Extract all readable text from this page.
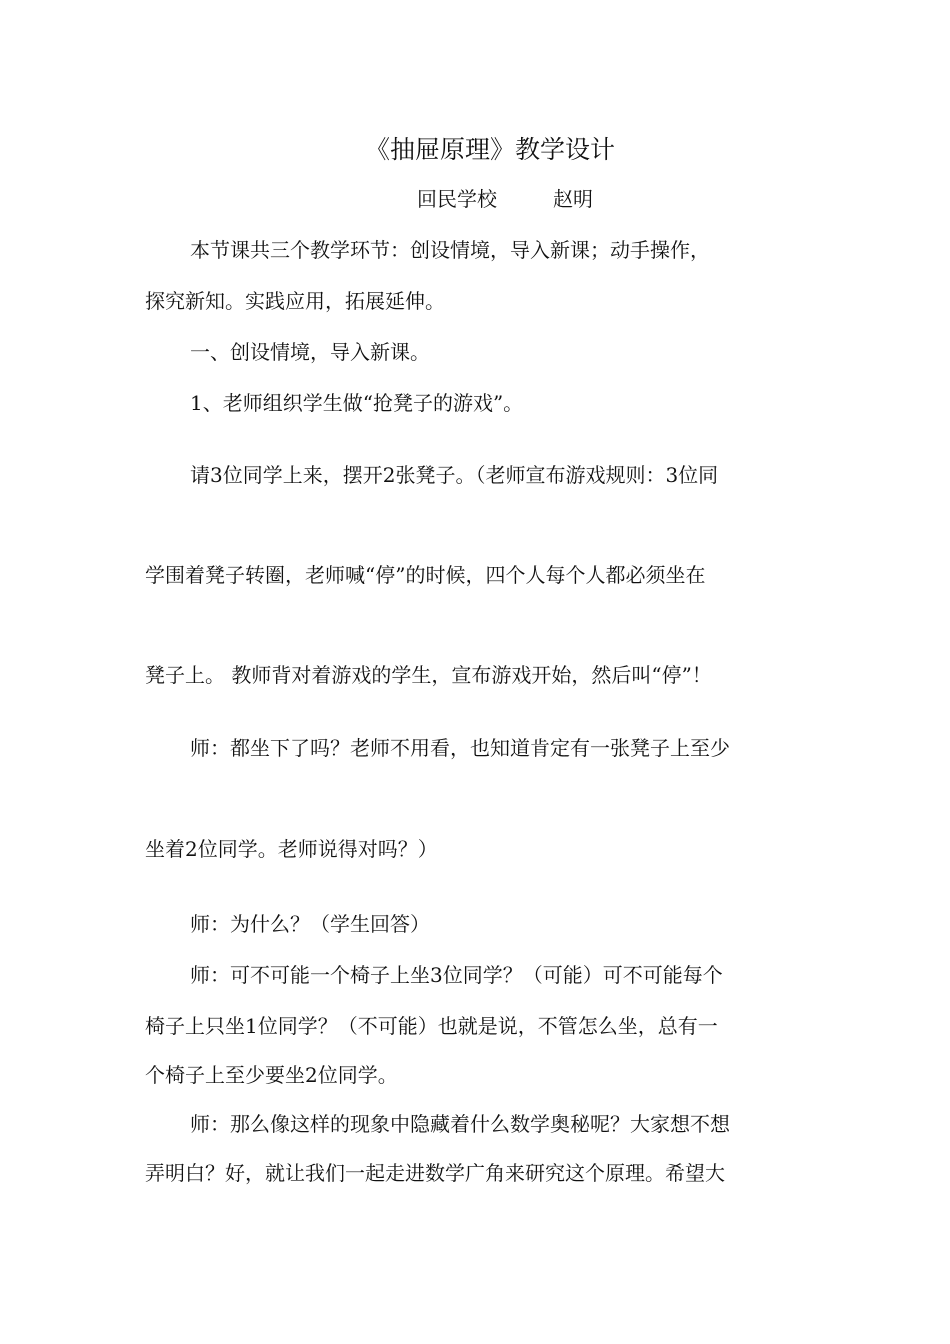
《抽屉原理》教学设计
回民学校	赵明
本节课共三个教学环节：创设情境，导入新课；动手操作，
探究新知。实践应用，拓展延伸。
一、创设情境，导入新课。
1、老师组织学生做“抢凳子的游戏”。
请3位同学上来，摆开2张凳子。（老师宣布游戏规则：3位同
学围着凳子转圈，老师喊“停”的时候，四个人每个人都必须坐在
凳子上。 教师背对着游戏的学生，宣布游戏开始，然后叫“停”！
师：都坐下了吗？老师不用看，也知道肯定有一张凳子上至少
坐着2位同学。老师说得对吗？）
师：为什么？（学生回答）
师：可不可能一个椅子上坐3位同学？（可能）可不可能每个
椅子上只坐1位同学？（不可能）也就是说，不管怎么坐，总有一
个椅子上至少要坐2位同学。
师：那么像这样的现象中隐藏着什么数学奥秘呢？大家想不想
弄明白？好，就让我们一起走进数学广角来研究这个原理。希望大
